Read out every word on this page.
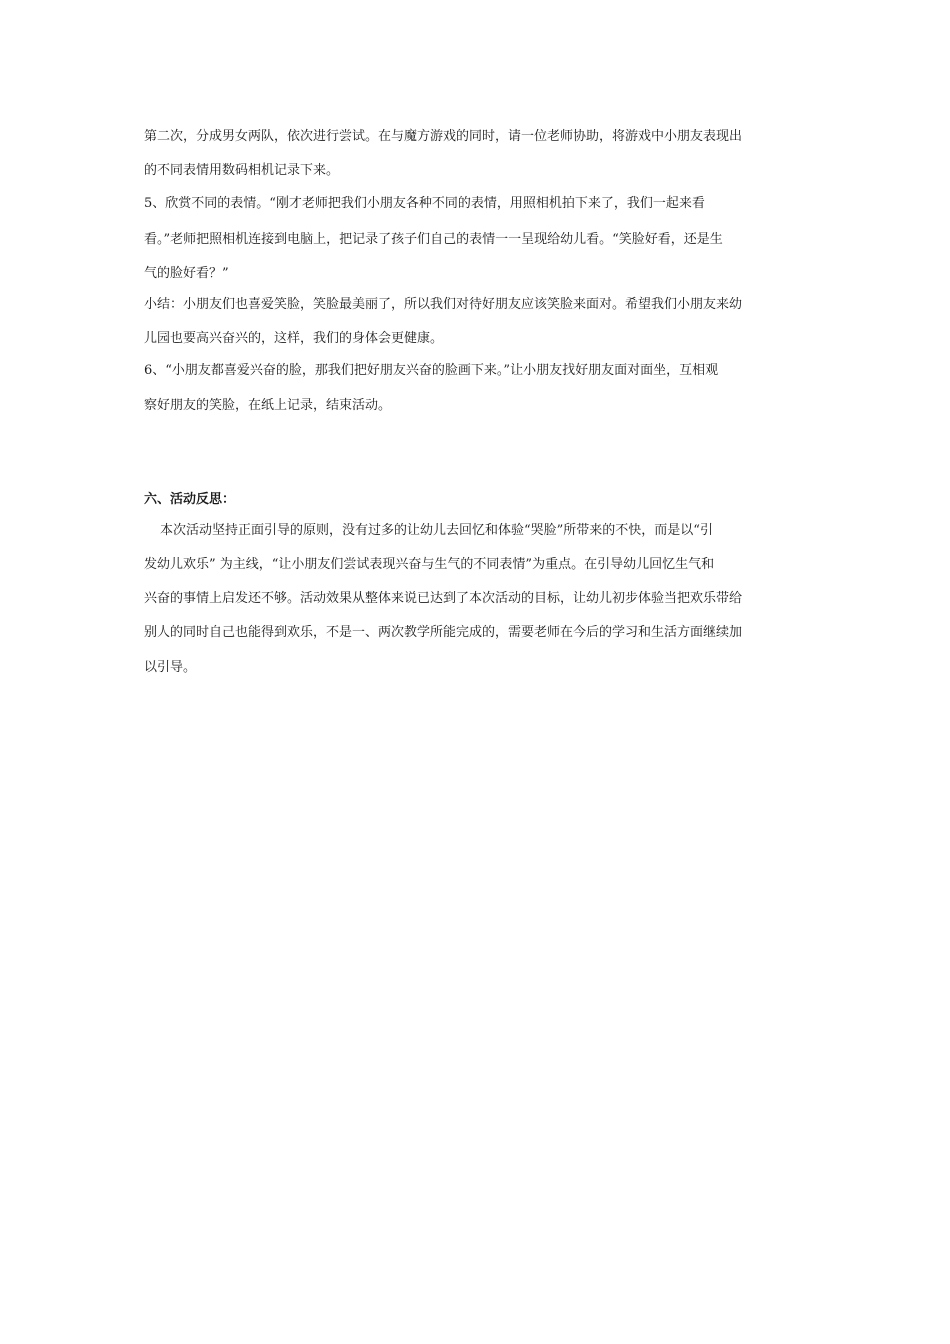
第二次，分成男女两队，依次进行尝试。在与魔方游戏的同时，请一位老师协助，将游戏中小朋友表现出
的不同表情用数码相机记录下来。
5、欣赏不同的表情。“刚才老师把我们小朋友各种不同的表情，用照相机拍下来了，我们一起来看
看。”老师把照相机连接到电脑上，把记录了孩子们自己的表情一一呈现给幼儿看。“笑脸好看，还是生
气的脸好看？”
小结：小朋友们也喜爱笑脸，笑脸最美丽了，所以我们对待好朋友应该笑脸来面对。希望我们小朋友来幼
儿园也要高兴奋兴的，这样，我们的身体会更健康。
6、“小朋友都喜爱兴奋的脸，那我们把好朋友兴奋的脸画下来。”让小朋友找好朋友面对面坐，互相观
察好朋友的笑脸，在纸上记录，结束活动。
六、活动反思：
本次活动坚持正面引导的原则，没有过多的让幼儿去回忆和体验“哭脸”所带来的不快，而是以“引
发幼儿欢乐” 为主线，“让小朋友们尝试表现兴奋与生气的不同表情”为重点。在引导幼儿回忆生气和
兴奋的事情上启发还不够。活动效果从整体来说已达到了本次活动的目标，让幼儿初步体验当把欢乐带给
别人的同时自己也能得到欢乐，不是一、两次教学所能完成的，需要老师在今后的学习和生活方面继续加
以引导。
